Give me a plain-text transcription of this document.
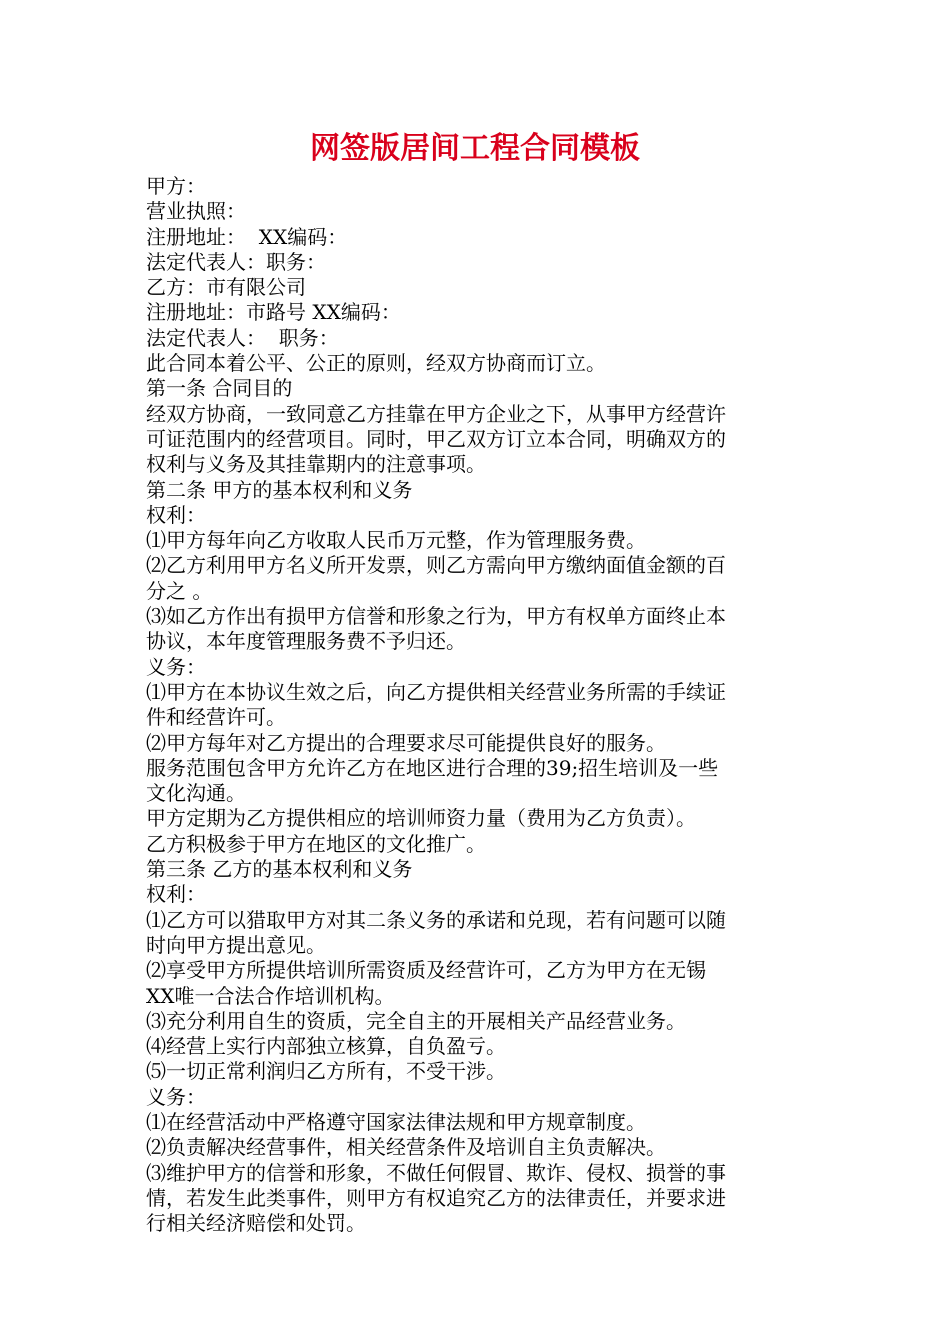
网签版居间工程合同模板
甲方：
营业执照：
注册地址：  XX编码：
法定代表人：职务：
乙方：市有限公司
注册地址：市路号 XX编码：
法定代表人：  职务：
此合同本着公平、公正的原则，经双方协商而订立。
第一条 合同目的
经双方协商，一致同意乙方挂靠在甲方企业之下，从事甲方经营许
可证范围内的经营项目。同时，甲乙双方订立本合同，明确双方的
权利与义务及其挂靠期内的注意事项。
第二条 甲方的基本权利和义务
权利：
⑴甲方每年向乙方收取人民币万元整，作为管理服务费。
⑵乙方利用甲方名义所开发票，则乙方需向甲方缴纳面值金额的百
分之 。
⑶如乙方作出有损甲方信誉和形象之行为，甲方有权单方面终止本
协议，本年度管理服务费不予归还。
义务：
⑴甲方在本协议生效之后，向乙方提供相关经营业务所需的手续证
件和经营许可。
⑵甲方每年对乙方提出的合理要求尽可能提供良好的服务。
服务范围包含甲方允许乙方在地区进行合理的39;招生培训及一些
文化沟通。
甲方定期为乙方提供相应的培训师资力量（费用为乙方负责）。
乙方积极参于甲方在地区的文化推广。
第三条 乙方的基本权利和义务
权利：
⑴乙方可以猎取甲方对其二条义务的承诺和兑现，若有问题可以随
时向甲方提出意见。
⑵享受甲方所提供培训所需资质及经营许可，乙方为甲方在无锡
XX唯一合法合作培训机构。
⑶充分利用自生的资质，完全自主的开展相关产品经营业务。
⑷经营上实行内部独立核算，自负盈亏。
⑸一切正常利润归乙方所有，不受干涉。
义务：
⑴在经营活动中严格遵守国家法律法规和甲方规章制度。
⑵负责解决经营事件，相关经营条件及培训自主负责解决。
⑶维护甲方的信誉和形象，不做任何假冒、欺诈、侵权、损誉的事
情，若发生此类事件，则甲方有权追究乙方的法律责任，并要求进
行相关经济赔偿和处罚。
